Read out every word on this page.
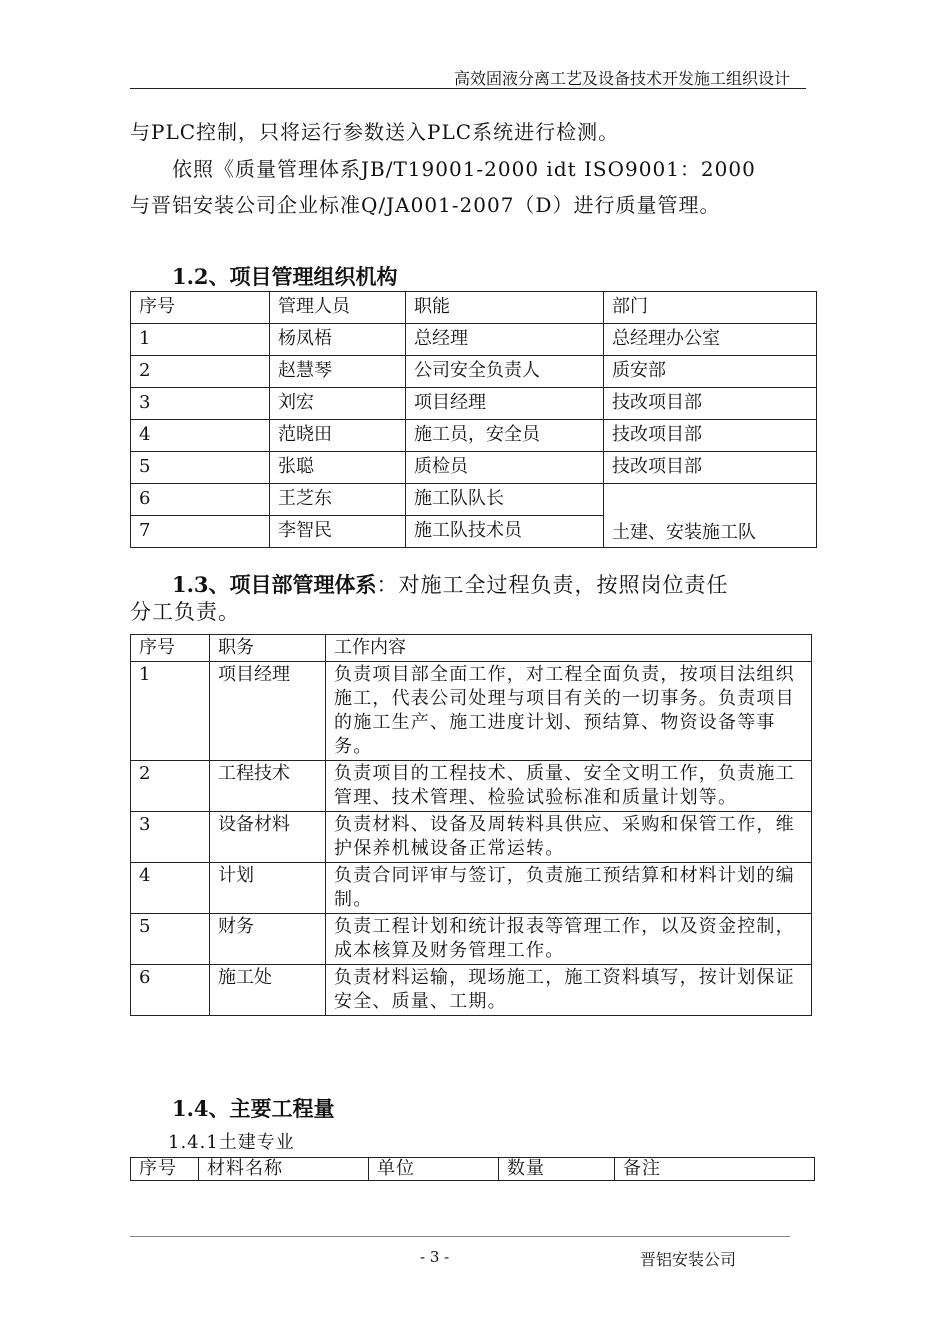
高效固液分离工艺及设备技术开发施工组织设计
与PLC控制，只将运行参数送入PLC系统进行检测。
依照《质量管理体系JB/T19001-2000 idt ISO9001：2000
与晋铝安装公司企业标准Q/JA001-2007（D）进行质量管理。
1.2、项目管理组织机构
序号	管理人员	职能	部门
1	杨凤梧	总经理	总经理办公室
2	赵慧琴	公司安全负责人	质安部
3	刘宏	项目经理	技改项目部
4	范晓田	施工员，安全员	技改项目部
5	张聪	质检员	技改项目部
6	王芝东	施工队队长	土建、安装施工队
7	李智民	施工队技术员	
1.3、项目部管理体系：对施工全过程负责，按照岗位责任
分工负责。
序号	职务	工作内容
1	项目经理	负责项目部全面工作，对工程全面负责，按项目法组织施工，代表公司处理与项目有关的一切事务。负责项目的施工生产、施工进度计划、预结算、物资设备等事务。
2	工程技术	负责项目的工程技术、质量、安全文明工作，负责施工管理、技术管理、检验试验标准和质量计划等。
3	设备材料	负责材料、设备及周转料具供应、采购和保管工作，维护保养机械设备正常运转。
4	计划	负责合同评审与签订，负责施工预结算和材料计划的编制。
5	财务	负责工程计划和统计报表等管理工作，以及资金控制，成本核算及财务管理工作。
6	施工处	负责材料运输，现场施工，施工资料填写，按计划保证安全、质量、工期。
1.4、主要工程量
1.4.1土建专业
序号	材料名称	单位	数量	备注
- 3 -	晋铝安装公司
